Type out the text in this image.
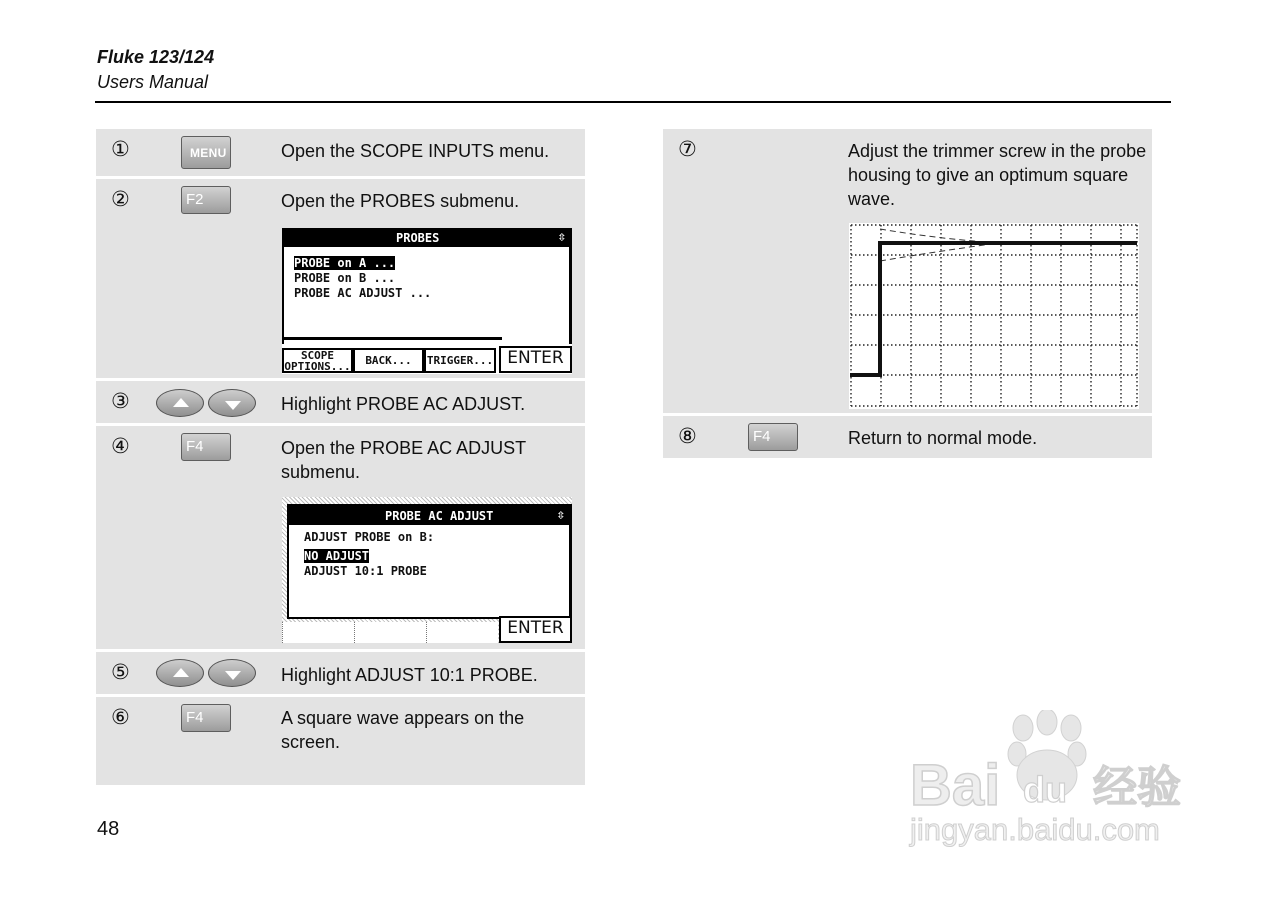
Fluke 123/124
Users Manual
①	MENU	Open the SCOPE INPUTS menu.
②	F2	Open the PROBES submenu.
PROBES	⇳
PROBE on A ...
PROBE on B ...
PROBE AC ADJUST ...
SCOPE OPTIONS...	BACK...	TRIGGER... ENTER
③	Highlight PROBE AC ADJUST.
④	F4	Open the PROBE AC ADJUST submenu.
PROBE AC ADJUST	⇳
ADJUST PROBE on B:
NO ADJUST
ADJUST 10:1 PROBE
ENTER
⑤	Highlight ADJUST 10:1 PROBE.
⑥	F4	A square wave appears on the screen.
⑦	Adjust the trimmer screw in the probe housing to give an optimum square wave.
⑧	F4	Return to normal mode.
48
Bai du 经验
jingyan.baidu.com
